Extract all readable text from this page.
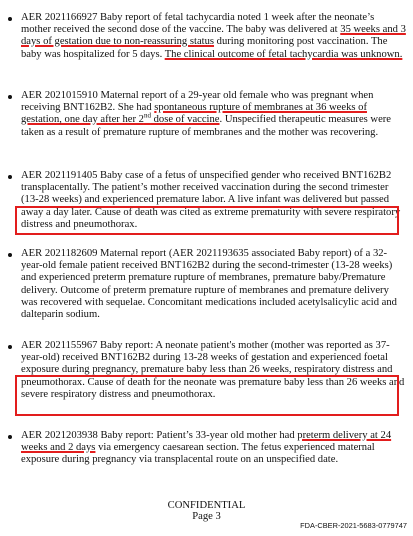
AER 2021166927 Baby report of fetal tachycardia noted 1 week after the neonate’s mother received the second dose of the vaccine. The baby was delivered at 35 weeks and 3 days of gestation due to non-reassuring status during monitoring post vaccination. The baby was hospitalized for 5 days. The clinical outcome of fetal tachycardia was unknown.
AER 2021015910 Maternal report of a 29-year old female who was pregnant when receiving BNT162B2. She had spontaneous rupture of membranes at 36 weeks of gestation, one day after her 2nd dose of vaccine. Unspecified therapeutic measures were taken as a result of premature rupture of membranes and the mother was recovering.
AER 2021191405 Baby case of a fetus of unspecified gender who received BNT162B2 transplacentally. The patient’s mother received vaccination during the second trimester (13-28 weeks) and experienced premature labor. A live infant was delivered but passed away a day later. Cause of death was cited as extreme prematurity with severe respiratory distress and pneumothorax.
AER 2021182609 Maternal report (AER 2021193635 associated Baby report) of a 32-year-old female patient received BNT162B2 during the second-trimester (13-28 weeks) and experienced preterm premature rupture of membranes, premature baby/Premature delivery. Outcome of preterm premature rupture of membranes and premature delivery was recovered with sequelae. Concomitant medications included acetylsalicylic acid and dalteparin sodium.
AER 2021155967 Baby report: A neonate patient's mother (mother was reported as 37-year-old) received BNT162B2 during 13-28 weeks of gestation and experienced foetal exposure during pregnancy, premature baby less than 26 weeks, respiratory distress and pneumothorax. Cause of death for the neonate was premature baby less than 26 weeks and severe respiratory distress and pneumothorax.
AER 2021203938 Baby report: Patient’s 33-year old mother had preterm delivery at 24 weeks and 2 days via emergency caesarean section. The fetus experienced maternal exposure during pregnancy via transplacental route on an unspecified date.
CONFIDENTIAL
Page 3
FDA-CBER-2021-5683-0779747
